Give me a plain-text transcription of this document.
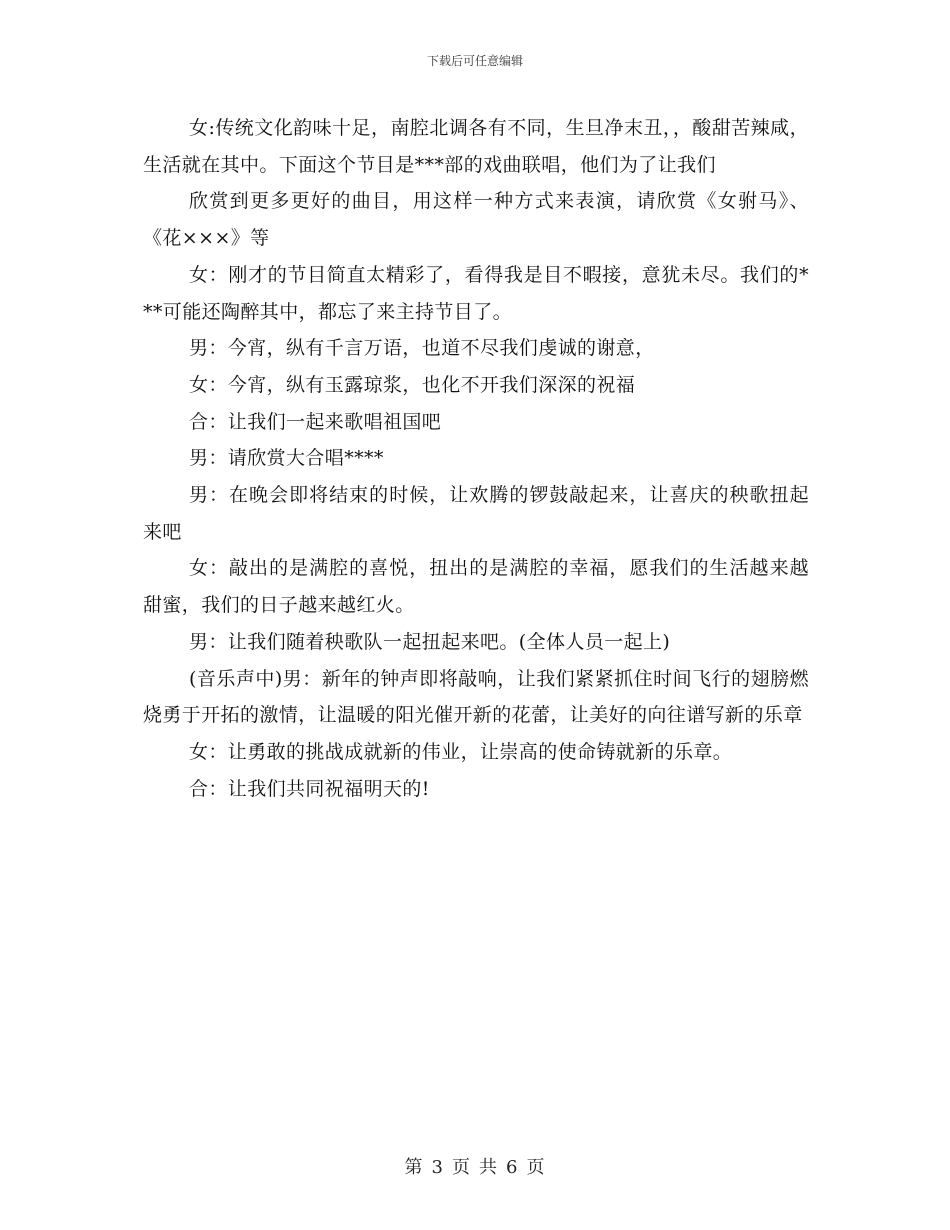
下载后可任意编辑

女:传统文化韵味十足，南腔北调各有不同，生旦净末丑，，酸甜苦辣咸，生活就在其中。下面这个节目是***部的戏曲联唱，他们为了让我们

欣赏到更多更好的曲目，用这样一种方式来表演，请欣赏《女驸马》、《花×××》等

女：刚才的节目简直太精彩了，看得我是目不暇接，意犹未尽。我们的***可能还陶醉其中，都忘了来主持节目了。

男：今宵，纵有千言万语，也道不尽我们虔诚的谢意，

女：今宵，纵有玉露琼浆，也化不开我们深深的祝福

合：让我们一起来歌唱祖国吧

男：请欣赏大合唱****

男：在晚会即将结束的时候，让欢腾的锣鼓敲起来，让喜庆的秧歌扭起来吧

女：敲出的是满腔的喜悦，扭出的是满腔的幸福，愿我们的生活越来越甜蜜，我们的日子越来越红火。

男：让我们随着秧歌队一起扭起来吧。(全体人员一起上)

(音乐声中)男：新年的钟声即将敲响，让我们紧紧抓住时间飞行的翅膀燃烧勇于开拓的激情，让温暖的阳光催开新的花蕾，让美好的向往谱写新的乐章

女：让勇敢的挑战成就新的伟业，让崇高的使命铸就新的乐章。

合：让我们共同祝福明天的!

第 3 页 共 6 页
